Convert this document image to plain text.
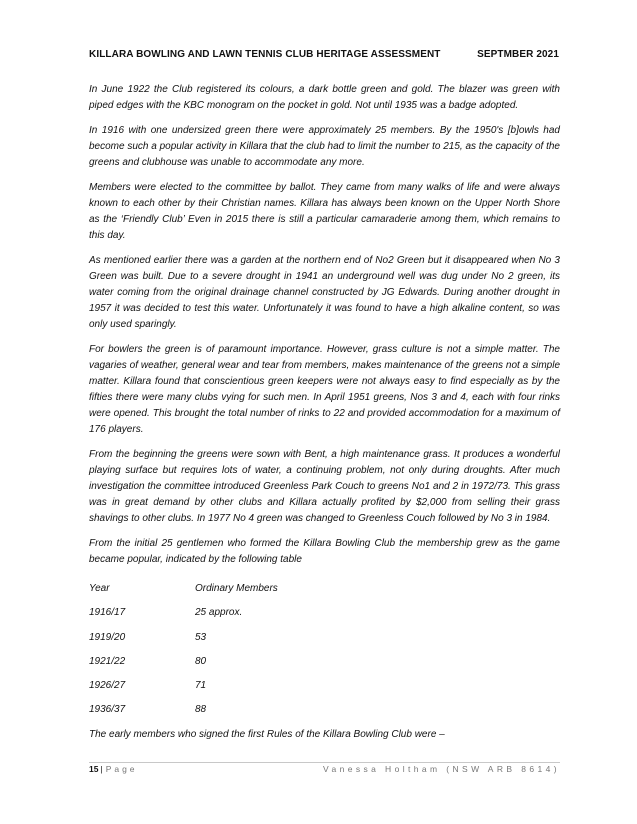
KILLARA BOWLING AND LAWN TENNIS CLUB HERITAGE ASSESSMENT	SEPTMBER 2021

In June 1922 the Club registered its colours, a dark bottle green and gold. The blazer was green with piped edges with the KBC monogram on the pocket in gold. Not until 1935 was a badge adopted.

In 1916 with one undersized green there were approximately 25 members. By the 1950's [b]owls had become such a popular activity in Killara that the club had to limit the number to 215, as the capacity of the greens and clubhouse was unable to accommodate any more.

Members were elected to the committee by ballot. They came from many walks of life and were always known to each other by their Christian names. Killara has always been known on the Upper North Shore as the ‘Friendly Club’ Even in 2015 there is still a particular camaraderie among them, which remains to this day.

As mentioned earlier there was a garden at the northern end of No2 Green but it disappeared when No 3 Green was built. Due to a severe drought in 1941 an underground well was dug under No 2 green, its water coming from the original drainage channel constructed by JG Edwards. During another drought in 1957 it was decided to test this water. Unfortunately it was found to have a high alkaline content, so was only used sparingly.

For bowlers the green is of paramount importance. However, grass culture is not a simple matter. The vagaries of weather, general wear and tear from members, makes maintenance of the greens not a simple matter. Killara found that conscientious green keepers were not always easy to find especially as by the fifties there were many clubs vying for such men. In April 1951 greens, Nos 3 and 4, each with four rinks were opened. This brought the total number of rinks to 22 and provided accommodation for a maximum of 176 players.

From the beginning the greens were sown with Bent, a high maintenance grass. It produces a wonderful playing surface but requires lots of water, a continuing problem, not only during droughts. After much investigation the committee introduced Greenless Park Couch to greens No1 and 2 in 1972/73. This grass was in great demand by other clubs and Killara actually profited by $2,000 from selling their grass shavings to other clubs. In 1977 No 4 green was changed to Greenless Couch followed by No 3 in 1984.

From the initial 25 gentlemen who formed the Killara Bowling Club the membership grew as the game became popular, indicated by the following table

Year	Ordinary Members
1916/17	25 approx.
1919/20	53
1921/22	80
1926/27	71
1936/37	88

The early members who signed the first Rules of the Killara Bowling Club were –

15 | Page	Vanessa Holtham (NSW ARB 8614)
